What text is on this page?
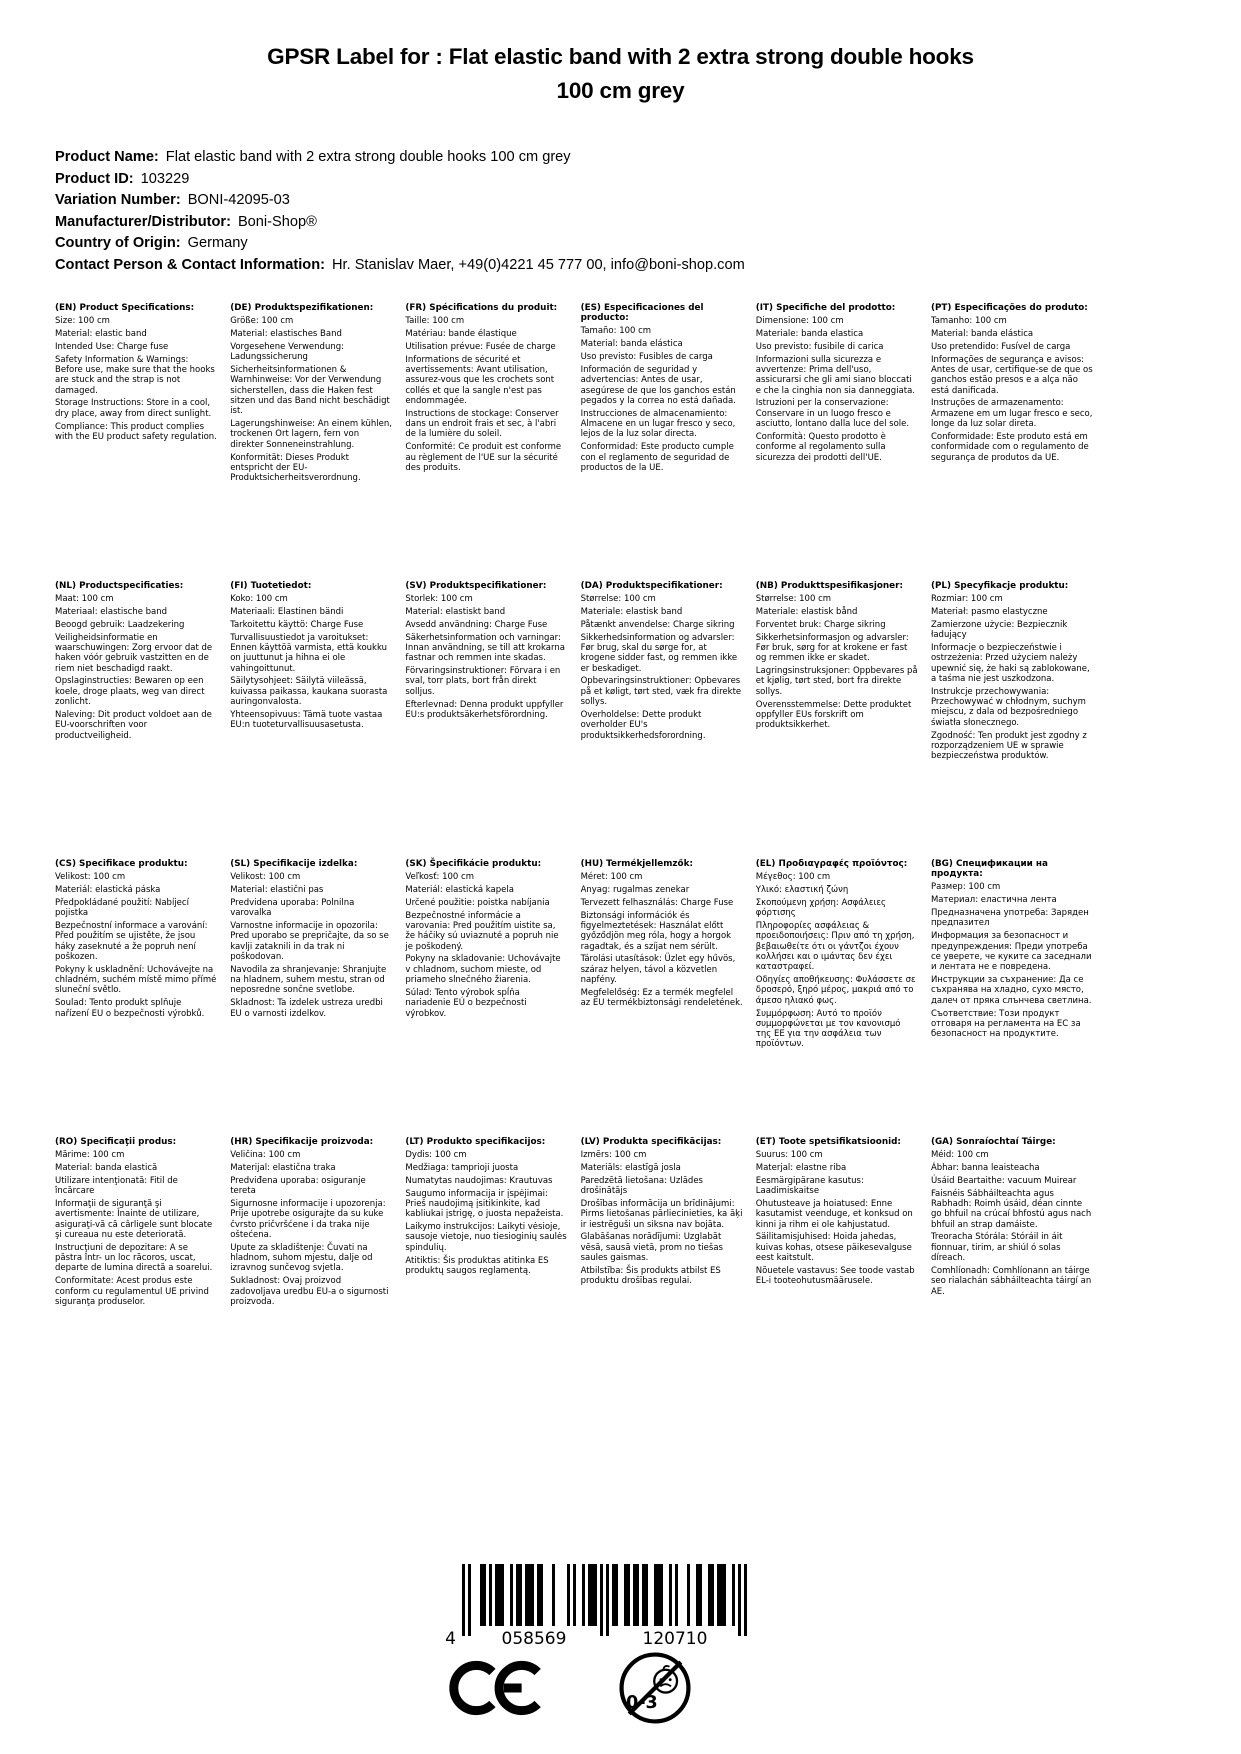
GPSR Label for : Flat elastic band with 2 extra strong double hooks
100 cm grey
Product Name: Flat elastic band with 2 extra strong double hooks 100 cm grey
Product ID: 103229
Variation Number: BONI-42095-03
Manufacturer/Distributor: Boni-Shop®
Country of Origin: Germany
Contact Person & Contact Information: Hr. Stanislav Maer, +49(0)4221 45 777 00, info@boni-shop.com
(EN) Product Specifications:

Size: 100 cm

Material: elastic band

Intended Use: Charge fuse

Safety Information & Warnings: Before use, make sure that the hooks are stuck and the strap is not damaged.

Storage Instructions: Store in a cool, dry place, away from direct sunlight.

Compliance: This product complies with the EU product safety regulation.

(DE) Produktspezifikationen:

Größe: 100 cm

Material: elastisches Band

Vorgesehene Verwendung: Ladungssicherung

Sicherheitsinformationen & Warnhinweise: Vor der Verwendung sicherstellen, dass die Haken fest sitzen und das Band nicht beschädigt ist.

Lagerungshinweise: An einem kühlen, trockenen Ort lagern, fern von direkter Sonneneinstrahlung.

Konformität: Dieses Produkt entspricht der EU-Produktsicherheitsverordnung.

(FR) Spécifications du produit:

Taille: 100 cm

Matériau: bande élastique

Utilisation prévue: Fusée de charge

Informations de sécurité et avertissements: Avant utilisation, assurez-vous que les crochets sont collés et que la sangle n'est pas endommagée.

Instructions de stockage: Conserver dans un endroit frais et sec, à l'abri de la lumière du soleil.

Conformité: Ce produit est conforme au règlement de l'UE sur la sécurité des produits.

(ES) Especificaciones del producto:

Tamaño: 100 cm

Material: banda elástica

Uso previsto: Fusibles de carga

Información de seguridad y advertencias: Antes de usar, asegúrese de que los ganchos están pegados y la correa no está dañada.

Instrucciones de almacenamiento: Almacene en un lugar fresco y seco, lejos de la luz solar directa.

Conformidad: Este producto cumple con el reglamento de seguridad de productos de la UE.

(IT) Specifiche del prodotto:

Dimensione: 100 cm

Materiale: banda elastica

Uso previsto: fusibile di carica

Informazioni sulla sicurezza e avvertenze: Prima dell'uso, assicurarsi che gli ami siano bloccati e che la cinghia non sia danneggiata.

Istruzioni per la conservazione: Conservare in un luogo fresco e asciutto, lontano dalla luce del sole.

Conformità: Questo prodotto è conforme al regolamento sulla sicurezza dei prodotti dell'UE.

(PT) Especificações do produto:

Tamanho: 100 cm

Material: banda elástica

Uso pretendido: Fusível de carga

Informações de segurança e avisos: Antes de usar, certifique-se de que os ganchos estão presos e a alça não está danificada.

Instruções de armazenamento: Armazene em um lugar fresco e seco, longe da luz solar direta.

Conformidade: Este produto está em conformidade com o regulamento de segurança de produtos da UE.

(NL) Productspecificaties:

Maat: 100 cm

Materiaal: elastische band

Beoogd gebruik: Laadzekering

Veiligheidsinformatie en waarschuwingen: Zorg ervoor dat de haken vóór gebruik vastzitten en de riem niet beschadigd raakt.

Opslaginstructies: Bewaren op een koele, droge plaats, weg van direct zonlicht.

Naleving: Dit product voldoet aan de EU-voorschriften voor productveiligheid.

(FI) Tuotetiedot:

Koko: 100 cm

Materiaali: Elastinen bändi

Tarkoitettu käyttö: Charge Fuse

Turvallisuustiedot ja varoitukset: Ennen käyttöä varmista, että koukku on juuttunut ja hihna ei ole vahingoittunut.

Säilytysohjeet: Säilytä viileässä, kuivassa paikassa, kaukana suorasta auringonvalosta.

Yhteensopivuus: Tämä tuote vastaa EU:n tuoteturvallisuusasetusta.

(SV) Produktspecifikationer:

Storlek: 100 cm

Material: elastiskt band

Avsedd användning: Charge Fuse

Säkerhetsinformation och varningar: Innan användning, se till att krokarna fastnar och remmen inte skadas.

Förvaringsinstruktioner: Förvara i en sval, torr plats, bort från direkt solljus.

Efterlevnad: Denna produkt uppfyller EU:s produktsäkerhetsförordning.

(DA) Produktspecifikationer:

Størrelse: 100 cm

Materiale: elastisk band

Påtænkt anvendelse: Charge sikring

Sikkerhedsinformation og advarsler: Før brug, skal du sørge for, at krogene sidder fast, og remmen ikke er beskadiget.

Opbevaringsinstruktioner: Opbevares på et køligt, tørt sted, væk fra direkte sollys.

Overholdelse: Dette produkt overholder EU's produktsikkerhedsforordning.

(NB) Produkttspesifikasjoner:

Størrelse: 100 cm

Materiale: elastisk bånd

Forventet bruk: Charge sikring

Sikkerhetsinformasjon og advarsler: Før bruk, sørg for at krokene er fast og remmen ikke er skadet.

Lagringsinstruksjoner: Oppbevares på et kjølig, tørt sted, bort fra direkte sollys.

Overensstemmelse: Dette produktet oppfyller EUs forskrift om produktsikkerhet.

(PL) Specyfikacje produktu:

Rozmiar: 100 cm

Materiał: pasmo elastyczne

Zamierzone użycie: Bezpiecznik ładujący

Informacje o bezpieczeństwie i ostrzeżenia: Przed użyciem należy upewnić się, że haki są zablokowane, a taśma nie jest uszkodzona.

Instrukcje przechowywania: Przechowywać w chłodnym, suchym miejscu, z dala od bezpośredniego światła słonecznego.

Zgodność: Ten produkt jest zgodny z rozporządzeniem UE w sprawie bezpieczeństwa produktów.

(CS) Specifikace produktu:

Velikost: 100 cm

Materiál: elastická páska

Předpokládané použití: Nabíjecí pojistka

Bezpečnostní informace a varování: Před použitím se ujistěte, že jsou háky zaseknuté a že popruh není poškozen.

Pokyny k uskladnění: Uchovávejte na chladném, suchém místě mimo přímé sluneční světlo.

Soulad: Tento produkt splňuje nařízení EU o bezpečnosti výrobků.

(SL) Specifikacije izdelka:

Velikost: 100 cm

Material: elastični pas

Predvidena uporaba: Polnilna varovalka

Varnostne informacije in opozorila: Pred uporabo se prepričajte, da so se kavlji zataknili in da trak ni poškodovan.

Navodila za shranjevanje: Shranjujte na hladnem, suhem mestu, stran od neposredne sončne svetlobe.

Skladnost: Ta izdelek ustreza uredbi EU o varnosti izdelkov.

(SK) Špecifikácie produktu:

Veľkosť: 100 cm

Materiál: elastická kapela

Určené použitie: poistka nabíjania

Bezpečnostné informácie a varovania: Pred použitím uistite sa, že háčiky sú uviaznuté a popruh nie je poškodený.

Pokyny na skladovanie: Uchovávajte v chladnom, suchom mieste, od priameho slnečného žiarenia.

Súlad: Tento výrobok spĺňa nariadenie EÚ o bezpečnosti výrobkov.

(HU) Termékjellemzők:

Méret: 100 cm

Anyag: rugalmas zenekar

Tervezett felhasználás: Charge Fuse

Biztonsági információk és figyelmeztetések: Használat előtt győződjön meg róla, hogy a horgok ragadtak, és a szíjat nem sérült.

Tárolási utasítások: Üzlet egy hűvös, száraz helyen, távol a közvetlen napfény.

Megfelelőség: Ez a termék megfelel az EU termékbiztonsági rendeletének.

(EL) Προδιαγραφές προϊόντος:

Μέγεθος: 100 cm

Υλικό: ελαστική ζώνη

Σκοπούμενη χρήση: Ασφάλειες φόρτισης

Πληροφορίες ασφάλειας & προειδοποιήσεις: Πριν από τη χρήση, βεβαιωθείτε ότι οι γάντζοι έχουν κολλήσει και ο ιμάντας δεν έχει καταστραφεί.

Οδηγίες αποθήκευσης: Φυλάσσετε σε δροσερό, ξηρό μέρος, μακριά από το άμεσο ηλιακό φως.

Συμμόρφωση: Αυτό το προϊόν συμμορφώνεται με τον κανονισμό της ΕΕ για την ασφάλεια των προϊόντων.

(BG) Спецификации на продукта:

Размер: 100 cm

Материал: еластична лента

Предназначена употреба: Заряден предпазител

Информация за безопасност и предупреждения: Преди употреба се уверете, че куките са заседнали и лентата не е повредена.

Инструкции за съхранение: Да се съхранява на хладно, сухо място, далеч от пряка слънчева светлина.

Съответствие: Този продукт отговаря на регламента на ЕС за безопасност на продуктите.

(RO) Specificaţii produs:

Mărime: 100 cm

Material: banda elastică

Utilizare intenţionată: Fitil de încărcare

Informaţii de siguranţă şi avertismente: Înainte de utilizare, asiguraţi-vă că cârligele sunt blocate şi cureaua nu este deteriorată.

Instrucţiuni de depozitare: A se păstra într- un loc răcoros, uscat, departe de lumina directă a soarelui.

Conformitate: Acest produs este conform cu regulamentul UE privind siguranţa produselor.

(HR) Specifikacije proizvoda:

Veličina: 100 cm

Materijal: elastična traka

Predviđena uporaba: osiguranje tereta

Sigurnosne informacije i upozorenja: Prije upotrebe osigurajte da su kuke čvrsto pričvršćene i da traka nije oštećena.

Upute za skladištenje: Čuvati na hladnom, suhom mjestu, dalje od izravnog sunčevog svjetla.

Sukladnost: Ovaj proizvod zadovoljava uredbu EU-a o sigurnosti proizvoda.

(LT) Produkto specifikacijos:

Dydis: 100 cm

Medžiaga: tamprioji juosta

Numatytas naudojimas: Krautuvas

Saugumo informacija ir įspėjimai: Prieš naudojimą įsitikinkite, kad kabliukai įstrigę, o juosta nepažeista.

Laikymo instrukcijos: Laikyti vėsioje, sausoje vietoje, nuo tiesioginių saulės spindulių.

Atitiktis: Šis produktas atitinka ES produktų saugos reglamentą.

(LV) Produkta specifikācijas:

Izmērs: 100 cm

Materiāls: elastīgā josla

Paredzētā lietošana: Uzlādes drošinātājs

Drošības informācija un brīdinājumi: Pirms lietošanas pārliecinieties, ka āķi ir iestrēguši un siksna nav bojāta.

Glabāšanas norādījumi: Uzglabāt vēsā, sausā vietā, prom no tiešas saules gaismas.

Atbilstība: Šis produkts atbilst ES produktu drošības regulai.

(ET) Toote spetsifikatsioonid:

Suurus: 100 cm

Materjal: elastne riba

Eesmärgipärane kasutus: Laadimiskaitse

Ohutusteave ja hoiatused: Enne kasutamist veenduge, et konksud on kinni ja rihm ei ole kahjustatud.

Säilitamisjuhised: Hoida jahedas, kuivas kohas, otsese päikesevalguse eest kaitstult.

Nõuetele vastavus: See toode vastab EL-i tooteohutusmäärusele.

(GA) Sonraíochtaí Táirge:

Méid: 100 cm

Ábhar: banna leaisteacha

Úsáid Beartaithe: vacuum Muirear

Faisnéis Sábháilteachta agus Rabhadh: Roimh úsáid, déan cinnte go bhfuil na crúcaí bhfostú agus nach bhfuil an strap damáiste.

Treoracha Stórála: Stóráil in áit fionnuar, tirim, ar shiúl ó solas díreach.

Comhlíonadh: Comhlíonann an táirge seo rialachán sábháilteachta táirgí an AE.

4	058569	120710
0-3
